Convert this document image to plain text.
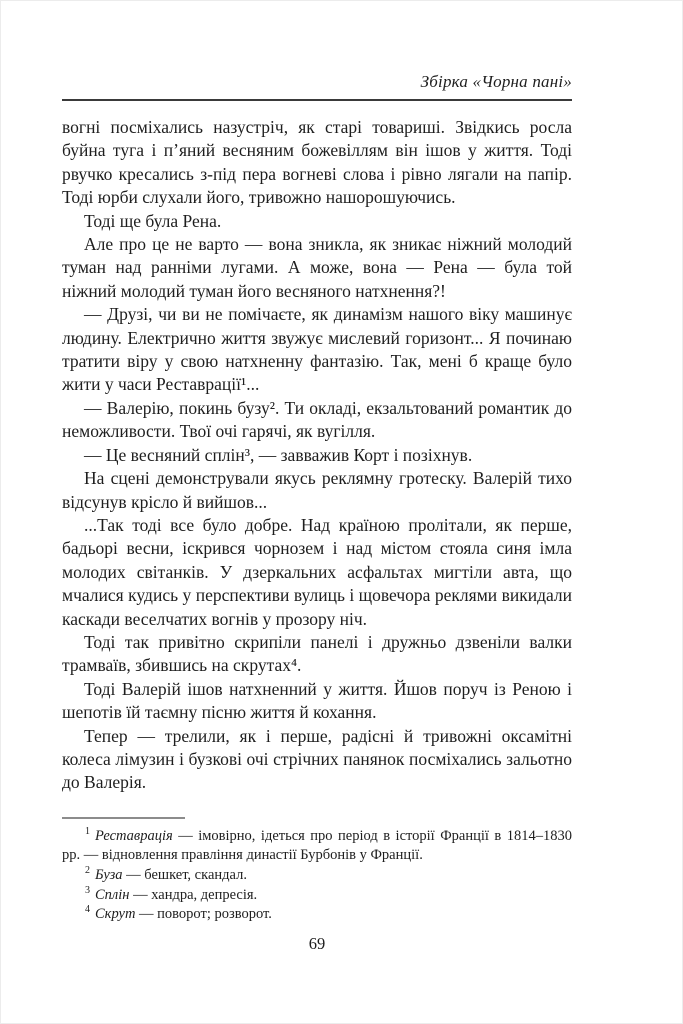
Збірка «Чорна пані»

вогні посміхались назустріч, як старі товариші. Звідкись росла буйна туга і п’яний весняним божевіллям він ішов у життя. Тоді рвучко кресались з-під пера вогневі слова і рівно лягали на папір. Тоді юрби слухали його, тривожно нашорошуючись.

Тоді ще була Рена.

Але про це не варто — вона зникла, як зникає ніжний молодий туман над ранніми лугами. А може, вона — Рена — була той ніжний молодий туман його весняного натхнення?!

— Друзі, чи ви не помічаєте, як динамізм нашого віку машинує людину. Електрично життя звужує мислевий горизонт... Я починаю тратити віру у свою натхненну фантазію. Так, мені б краще було жити у часи Реставрації¹...

— Валерію, покинь бузу². Ти окладі, екзальтований романтик до неможливости. Твої очі гарячі, як вугілля.

— Це весняний сплін³, — завважив Корт і позіхнув.

На сцені демонстрували якусь реклямну гротеску. Валерій тихо відсунув крісло й вийшов...

...Так тоді все було добре. Над країною пролітали, як перше, бадьорі весни, іскрився чорнозем і над містом стояла синя імла молодих світанків. У дзеркальних асфальтах мигтіли авта, що мчалися кудись у перспективи вулиць і щовечора реклями викидали каскади веселчатих вогнів у прозору ніч.

Тоді так привітно скрипіли панелі і дружньо дзвеніли валки трамваїв, збившись на скрутах⁴.

Тоді Валерій ішов натхненний у життя. Йшов поруч із Реною і шепотів їй таємну пісню життя й кохання.

Тепер — трелили, як і перше, радісні й тривожні оксамітні колеса лімузин і бузкові очі стрічних панянок посміхались зальотно до Валерія.

$^1$ Реставрація — імовірно, ідеться про період в історії Франції в 1814–1830 рр. — відновлення правління династії Бурбонів у Франції.

$^2$ Буза — бешкет, скандал.

$^3$ Сплін — хандра, депресія.

$^4$ Скрут — поворот; розворот.

69
